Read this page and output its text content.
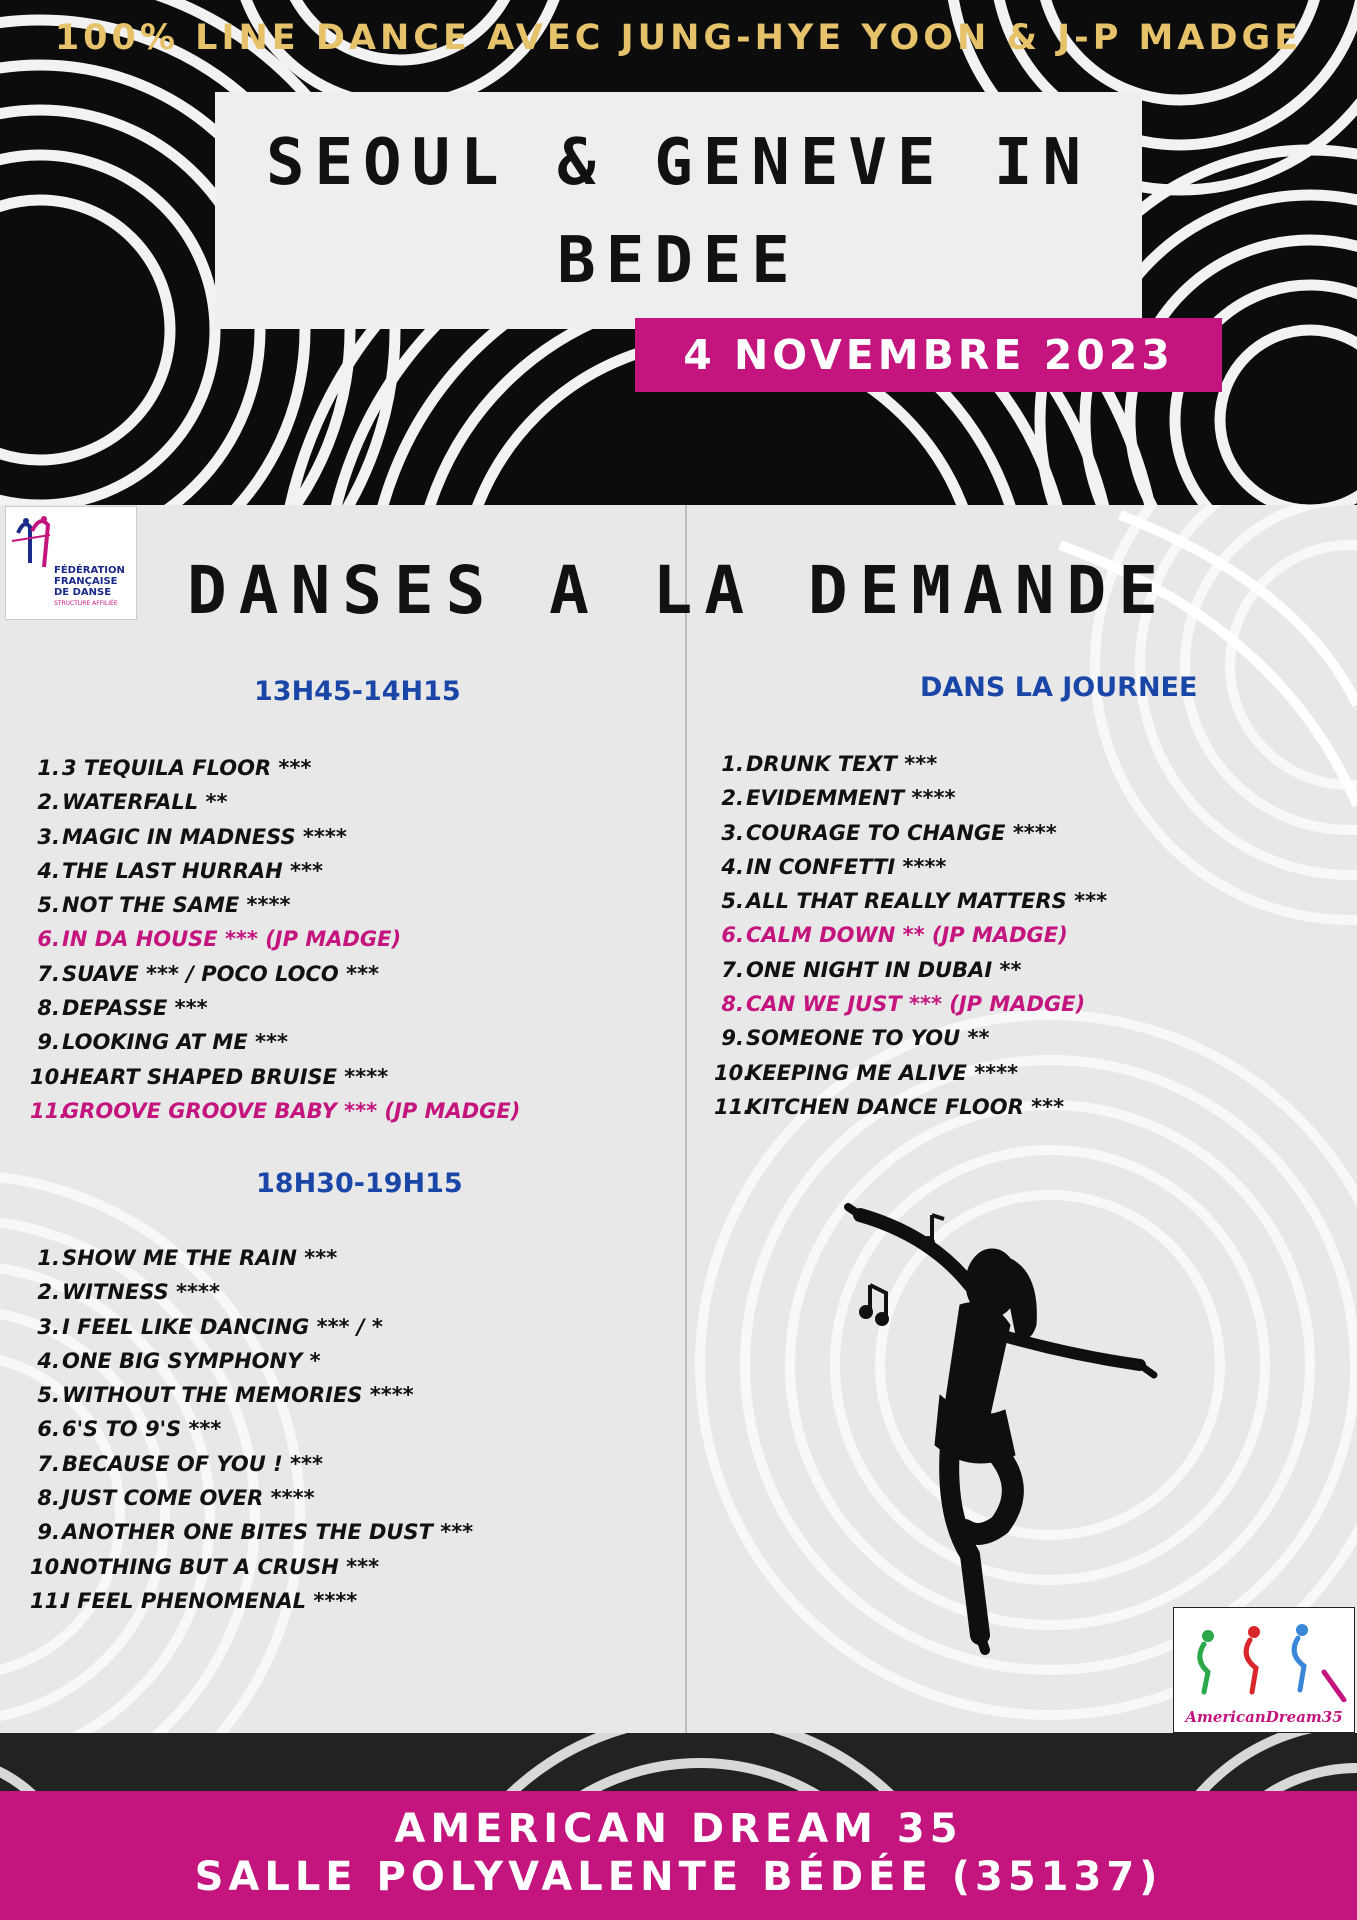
100% LINE DANCE AVEC JUNG-HYE YOON & J-P MADGE
SEOUL & GENEVE IN
BEDEE
4 NOVEMBRE 2023
FÉDÉRATION
FRANÇAISE
DE DANSE
STRUCTURE AFFILIÉE	DANSES A LA DEMANDE
13H45-14H15
1.3 TEQUILA FLOOR ***
2.WATERFALL **
3.MAGIC IN MADNESS ****
4.THE LAST HURRAH ***
5.NOT THE SAME ****
6.IN DA HOUSE *** (JP MADGE)
7.SUAVE *** / POCO LOCO ***
8.DEPASSE ***
9.LOOKING AT ME ***
10.HEART SHAPED BRUISE ****
11.GROOVE GROOVE BABY *** (JP MADGE)
18H30-19H15
1.SHOW ME THE RAIN ***
2.WITNESS ****
3.I FEEL LIKE DANCING *** / *
4.ONE BIG SYMPHONY *
5.WITHOUT THE MEMORIES ****
6.6'S TO 9'S ***
7.BECAUSE OF YOU ! ***
8.JUST COME OVER ****
9.ANOTHER ONE BITES THE DUST ***
10.NOTHING BUT A CRUSH ***
11.I FEEL PHENOMENAL ****
DANS LA JOURNEE
1.DRUNK TEXT ***
2.EVIDEMMENT ****
3.COURAGE TO CHANGE ****
4.IN CONFETTI ****
5.ALL THAT REALLY MATTERS ***
6.CALM DOWN ** (JP MADGE)
7.ONE NIGHT IN DUBAI **
8.CAN WE JUST *** (JP MADGE)
9.SOMEONE TO YOU **
10.KEEPING ME ALIVE ****
11.KITCHEN DANCE FLOOR ***
AmericanDream35
AMERICAN DREAM 35
SALLE POLYVALENTE BÉDÉE (35137)
